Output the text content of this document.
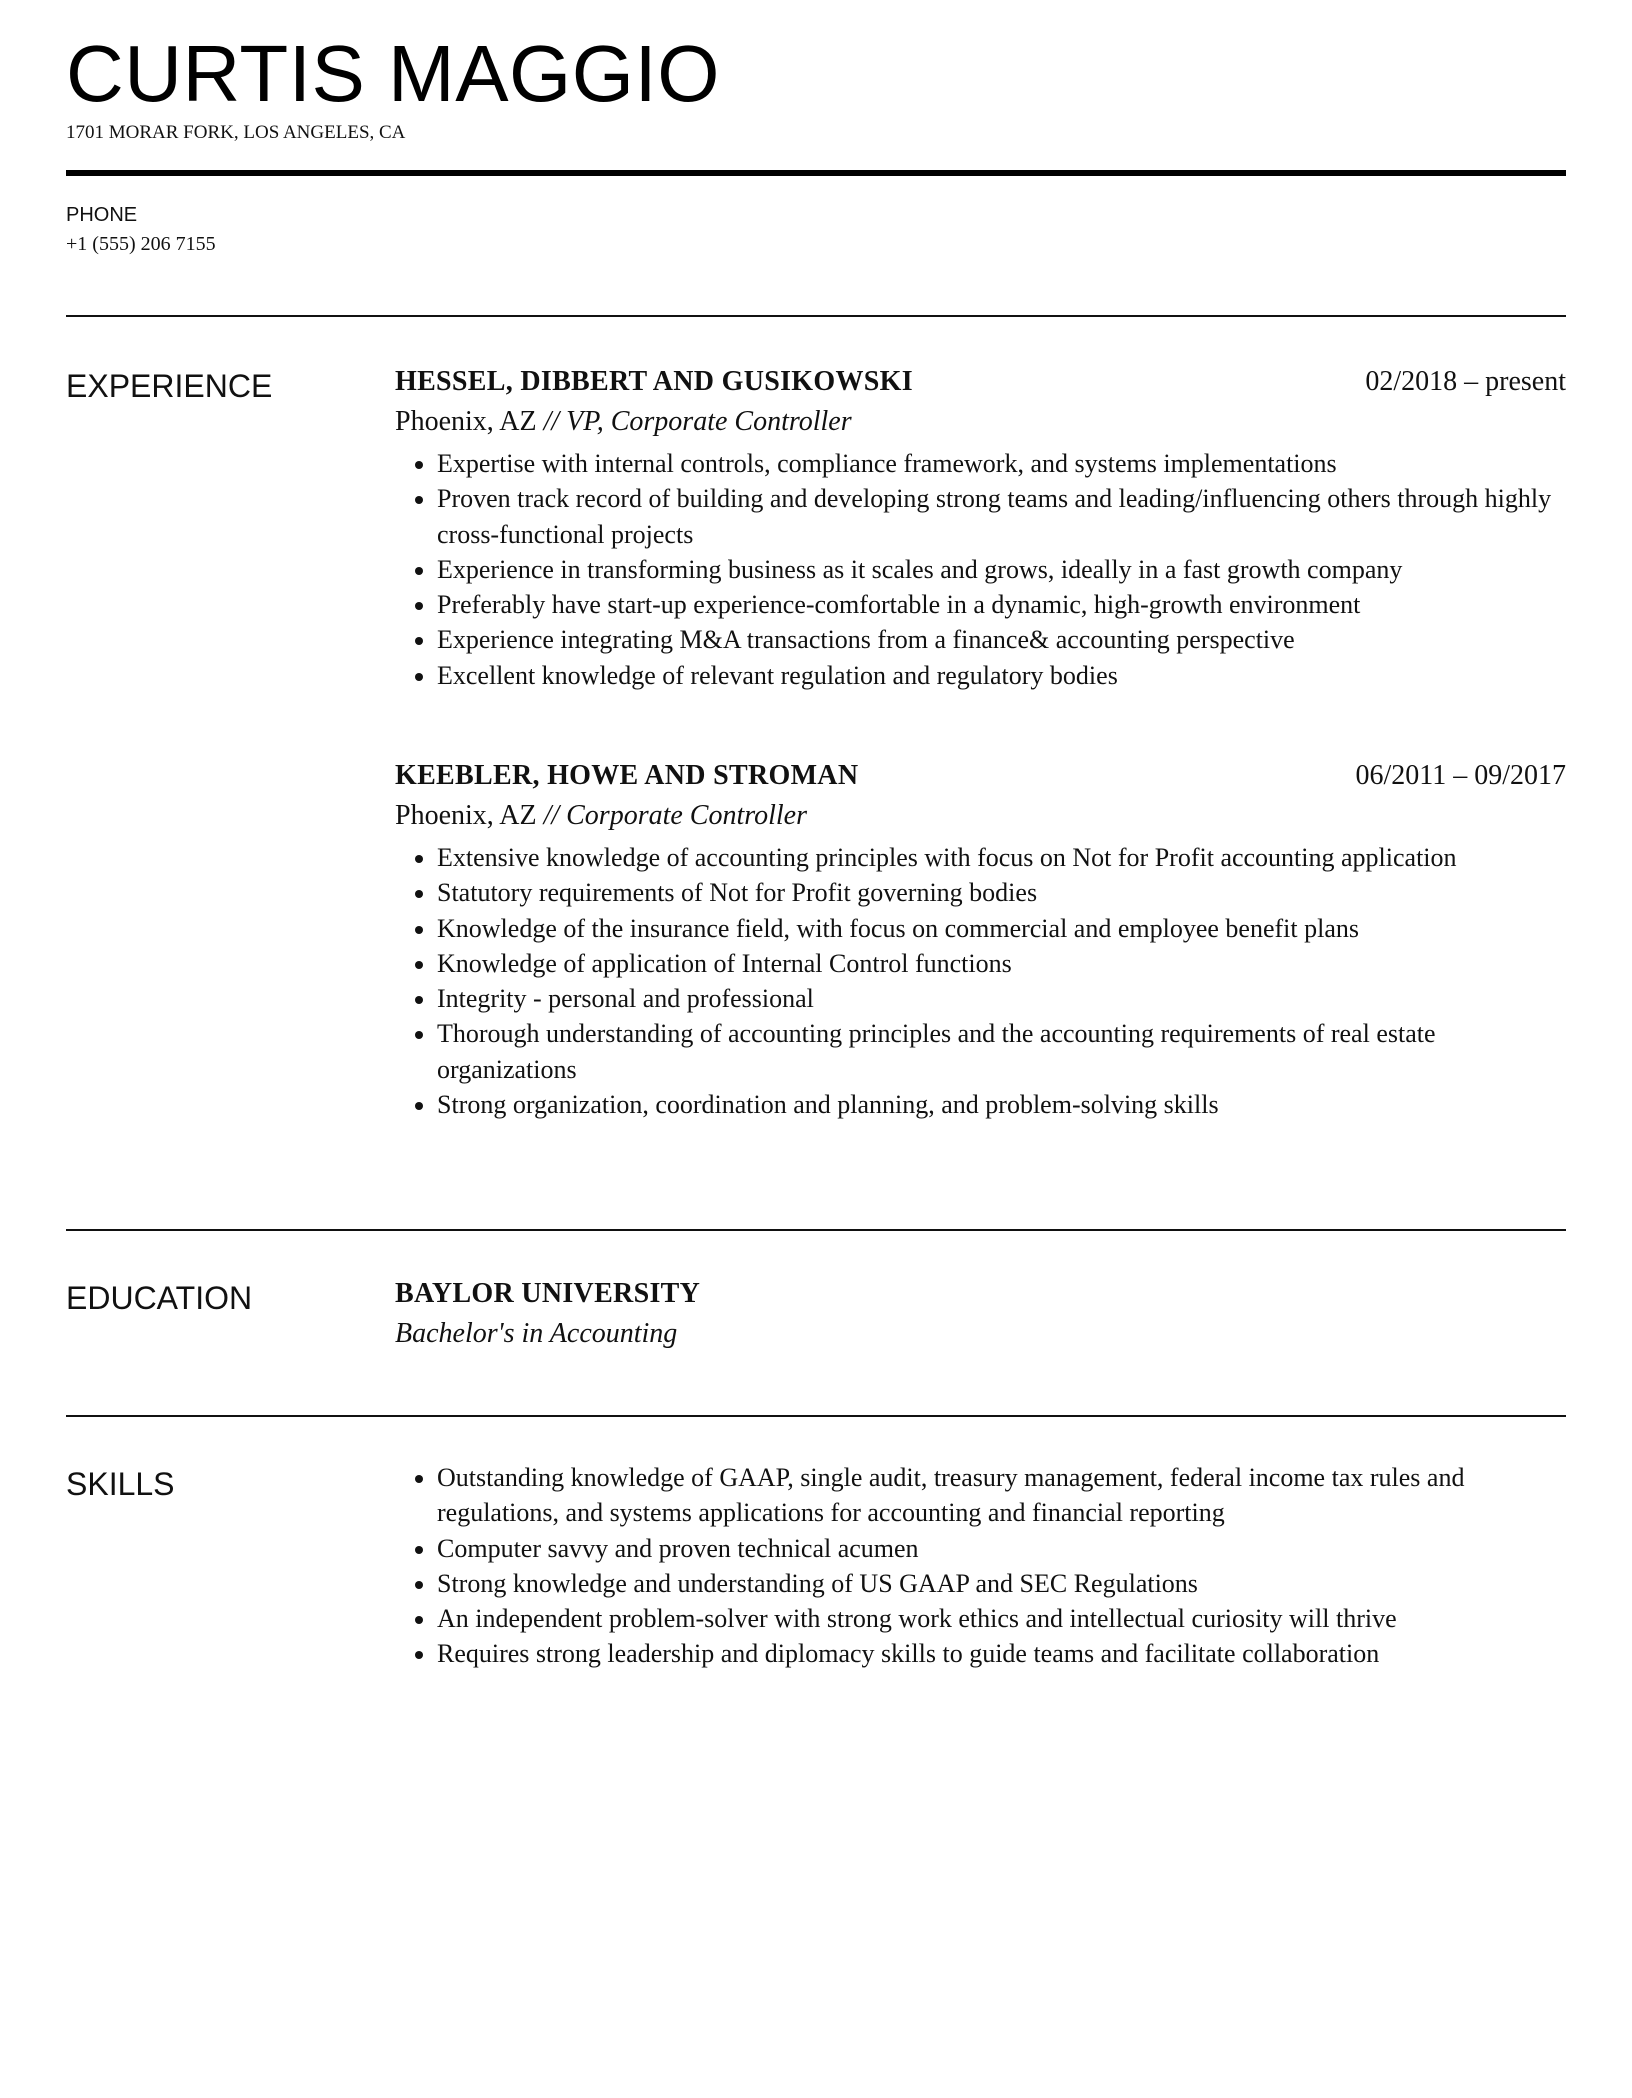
CURTIS MAGGIO
1701 MORAR FORK, LOS ANGELES, CA
PHONE
+1 (555) 206 7155
EXPERIENCE	HESSEL, DIBBERT AND GUSIKOWSKI	02/2018 – present
Phoenix, AZ // VP, Corporate Controller
Expertise with internal controls, compliance framework, and systems implementations
Proven track record of building and developing strong teams and leading/influencing others through highly cross-functional projects
Experience in transforming business as it scales and grows, ideally in a fast growth company
Preferably have start-up experience-comfortable in a dynamic, high-growth environment
Experience integrating M&A transactions from a finance& accounting perspective
Excellent knowledge of relevant regulation and regulatory bodies
KEEBLER, HOWE AND STROMAN	06/2011 – 09/2017
Phoenix, AZ // Corporate Controller
Extensive knowledge of accounting principles with focus on Not for Profit accounting application
Statutory requirements of Not for Profit governing bodies
Knowledge of the insurance field, with focus on commercial and employee benefit plans
Knowledge of application of Internal Control functions
Integrity - personal and professional
Thorough understanding of accounting principles and the accounting requirements of real estate organizations
Strong organization, coordination and planning, and problem-solving skills
EDUCATION	BAYLOR UNIVERSITY
Bachelor's in Accounting
SKILLS	Outstanding knowledge of GAAP, single audit, treasury management, federal income tax rules and regulations, and systems applications for accounting and financial reporting
Computer savvy and proven technical acumen
Strong knowledge and understanding of US GAAP and SEC Regulations
An independent problem-solver with strong work ethics and intellectual curiosity will thrive
Requires strong leadership and diplomacy skills to guide teams and facilitate collaboration
